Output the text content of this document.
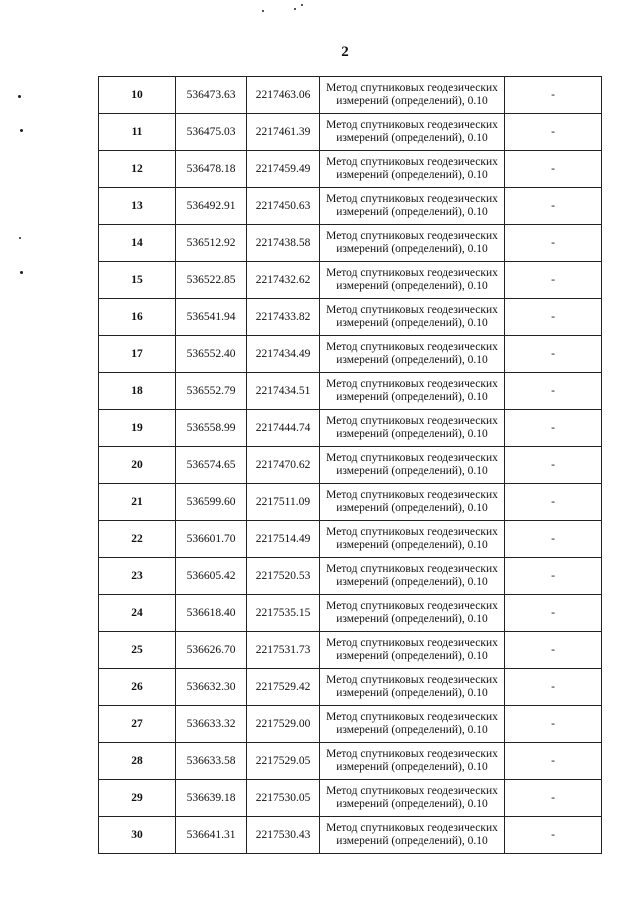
2
10	536473.63	2217463.06	Метод спутниковых геодезических измерений (определений), 0.10	-
11	536475.03	2217461.39	Метод спутниковых геодезических измерений (определений), 0.10	-
12	536478.18	2217459.49	Метод спутниковых геодезических измерений (определений), 0.10	-
13	536492.91	2217450.63	Метод спутниковых геодезических измерений (определений), 0.10	-
14	536512.92	2217438.58	Метод спутниковых геодезических измерений (определений), 0.10	-
15	536522.85	2217432.62	Метод спутниковых геодезических измерений (определений), 0.10	-
16	536541.94	2217433.82	Метод спутниковых геодезических измерений (определений), 0.10	-
17	536552.40	2217434.49	Метод спутниковых геодезических измерений (определений), 0.10	-
18	536552.79	2217434.51	Метод спутниковых геодезических измерений (определений), 0.10	-
19	536558.99	2217444.74	Метод спутниковых геодезических измерений (определений), 0.10	-
20	536574.65	2217470.62	Метод спутниковых геодезических измерений (определений), 0.10	-
21	536599.60	2217511.09	Метод спутниковых геодезических измерений (определений), 0.10	-
22	536601.70	2217514.49	Метод спутниковых геодезических измерений (определений), 0.10	-
23	536605.42	2217520.53	Метод спутниковых геодезических измерений (определений), 0.10	-
24	536618.40	2217535.15	Метод спутниковых геодезических измерений (определений), 0.10	-
25	536626.70	2217531.73	Метод спутниковых геодезических измерений (определений), 0.10	-
26	536632.30	2217529.42	Метод спутниковых геодезических измерений (определений), 0.10	-
27	536633.32	2217529.00	Метод спутниковых геодезических измерений (определений), 0.10	-
28	536633.58	2217529.05	Метод спутниковых геодезических измерений (определений), 0.10	-
29	536639.18	2217530.05	Метод спутниковых геодезических измерений (определений), 0.10	-
30	536641.31	2217530.43	Метод спутниковых геодезических измерений (определений), 0.10	-
